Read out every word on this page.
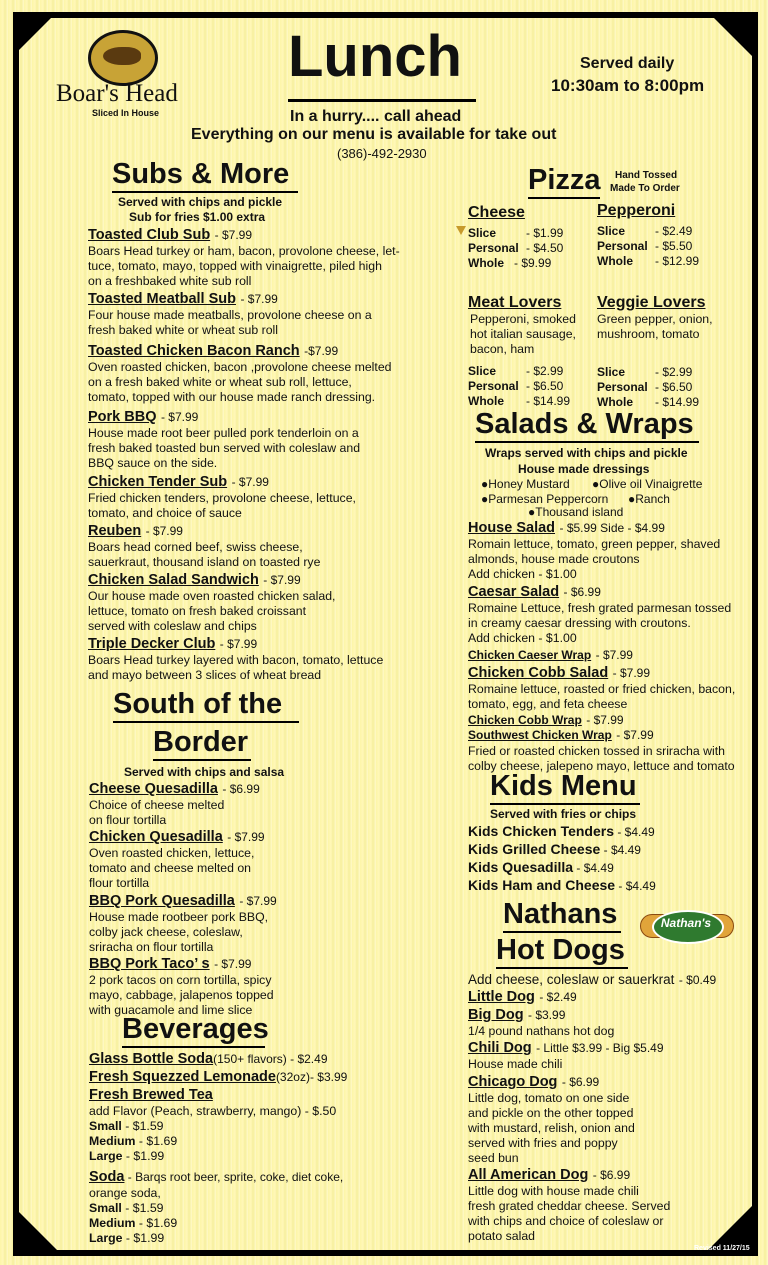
Boar's Head
Sliced In House
Lunch	Served daily
10:30am to 8:00pm
In a hurry.... call ahead
Everything on our menu is available for take out
(386)-492-2930
Subs & More
Served with chips and pickle
Sub for fries $1.00 extra
Toasted Club Sub - $7.99
Boars Head turkey or ham, bacon, provolone cheese, let-
tuce, tomato, mayo, topped with vinaigrette, piled high
on a freshbaked white sub roll
Toasted Meatball Sub - $7.99
Four house made meatballs, provolone cheese on a
fresh baked white or wheat sub roll
Toasted Chicken Bacon Ranch -$7.99
Oven roasted chicken, bacon ,provolone cheese melted
on a fresh baked white or wheat sub roll, lettuce,
tomato, topped with our house made ranch dressing.
Pork BBQ - $7.99
House made root beer pulled pork tenderloin on a
fresh baked toasted bun served with coleslaw and
BBQ sauce on the side.
Chicken Tender Sub - $7.99
Fried chicken tenders, provolone cheese, lettuce,
tomato, and choice of sauce
Reuben - $7.99
Boars head corned beef, swiss cheese,
sauerkraut, thousand island on toasted rye
Chicken Salad Sandwich - $7.99
Our house made oven roasted chicken salad,
lettuce, tomato on fresh baked croissant
served with coleslaw and chips
Triple Decker Club - $7.99
Boars Head turkey layered with bacon, tomato, lettuce
and mayo between 3 slices of wheat bread
South of the
Border
Served with chips and salsa
Cheese Quesadilla - $6.99
Choice of cheese melted
on flour tortilla
Chicken Quesadilla - $7.99
Oven roasted chicken, lettuce,
tomato and cheese melted on
flour tortilla
BBQ Pork Quesadilla - $7.99
House made rootbeer pork BBQ,
colby jack cheese, coleslaw,
sriracha on flour tortilla
BBQ Pork Taco’ s - $7.99
2 pork tacos on corn tortilla, spicy
mayo, cabbage, jalapenos topped
with guacamole and lime slice
Beverages
Glass Bottle Soda(150+ flavors) - $2.49
Fresh Squezzed Lemonade(32oz)- $3.99
Fresh Brewed Tea
add Flavor (Peach, strawberry, mango) - $.50
Small - $1.59
Medium - $1.69
Large - $1.99
Soda - Barqs root beer, sprite, coke, diet coke,
orange soda,
Small - $1.59
Medium - $1.69
Large - $1.99
Pizza Hand Tossed
Made To Order
Cheese
Slice	- $1.99
Personal - $4.50
Whole - $9.99
Pepperoni
Slice	- $2.49
Personal - $5.50
Whole	- $12.99
Meat Lovers
Pepperoni, smoked
hot italian sausage,
bacon, ham
Slice	- $2.99
Personal - $6.50
Whole	- $14.99
Veggie Lovers
Green pepper, onion,
mushroom, tomato
Slice	- $2.99
Personal - $6.50
Whole	- $14.99
Salads & Wraps
Wraps served with chips and pickle
House made dressings
●Honey Mustard ●Olive oil Vinaigrette
●Parmesan Peppercorn ●Ranch
●Thousand island
House Salad - $5.99 Side - $4.99
Romain lettuce, tomato, green pepper, shaved
almonds, house made croutons
Add chicken - $1.00
Caesar Salad - $6.99
Romaine Lettuce, fresh grated parmesan tossed
in creamy caesar dressing with croutons.
Add chicken - $1.00
Chicken Caeser Wrap - $7.99
Chicken Cobb Salad - $7.99
Romaine lettuce, roasted or fried chicken, bacon,
tomato, egg, and feta cheese
Chicken Cobb Wrap - $7.99
Southwest Chicken Wrap - $7.99
Fried or roasted chicken tossed in sriracha with
colby cheese, jalepeno mayo, lettuce and tomato
Kids Menu
Served with fries or chips
Kids Chicken Tenders - $4.49
Kids Grilled Cheese - $4.49
Kids Quesadilla - $4.49
Kids Ham and Cheese - $4.49
Nathans
Hot Dogs
Nathan's
Add cheese, coleslaw or sauerkrat - $0.49
Little Dog - $2.49
Big Dog - $3.99
1/4 pound nathans hot dog
Chili Dog - Little $3.99 - Big $5.49
House made chili
Chicago Dog - $6.99
Little dog, tomato on one side
and pickle on the other topped
with mustard, relish, onion and
served with fries and poppy
seed bun
All American Dog - $6.99
Little dog with house made chili
fresh grated cheddar cheese. Served
with chips and choice of coleslaw or
potato salad
Revised 11/27/15
